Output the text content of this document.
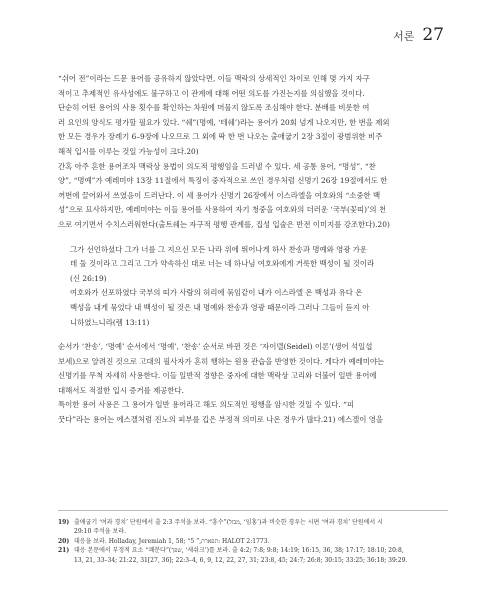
서론 27

“쉬어 전”이라는 드문 용어를 공유하지 않았다면, 이들 맥락의 상세적인 차이로 인해 몇 가지 자구

적이고 추제적인 유사성에도 불구하고 이 관계에 대해 어떤 의도를 가진는지를 의심했을 것이다.

단순히 어떤 용어의 사용 횟수를 확인하는 차원에 머물지 않도록 조심해야 한다. 분배를 비롯한 여

러 요인의 양식도 평가할 필요가 있다. “쉐”(명예, ‘테쉐’)라는 용어가 20회 넘게 나오지만, 한 번을 제외

한 모든 경우가 장례기 6–9장에 나오므로 그 외에 딱 한 번 나오는 출애굽기 2장 3절이 광범위한 비주

해적 입시를 이루는 것일 가능성이 크다.20)

간혹 아주 흔한 용어조차 맥락상 용법이 의도적 평행임을 드러낼 수 있다. 세 공통 용어, “명성”, “찬

양”, “명예”가 예레미야 13장 11절에서 특징이 중자적으로 쓰인 경우처럼 신명기 26장 19절에서도 한

꺼번에 끌어와서 쓰였음이 드러난다. 이 세 용어가 신명기 26장에서 이스라엘을 여호와의 “소중한 백

성”으로 묘사하지만, 예레미야는 이들 용어를 사용하여 자기 청중을 여호와의 더러운 ‘국부(꽃띠)’의 천

으로 여기면서 수치스러워한다(출트쉐는 자구적 평행 관계를, 집성 입술은 반전 이미지를 강조한다).20)

그가 선언하셨다 그가 너를 그 지으신 모든 나라 위에 뛰어나게 하사 찬송과 명예와 영광 가운

데 둘 것이라고 그리고 그가 약속하신 대로 너는 네 하나님 여호와에게 거룩한 백성이 될 것이라

(신 26:19)

여호와가 선포하였다 국부의 띠가 사람의 허리에 묶임같이 내가 이스라엘 온 백성과 유다 온

백성을 내게 묶었다 내 백성이 될 것은 내 명예와 찬송과 영광 때문이라 그러나 그들이 듣지 아

니하였느니라(렘 13:11)

순서가 ‘찬송’, ‘명예’ 순서에서 ‘명예’, ‘찬송’ 순서로 바뀐 것은 ‘자이델(Seidel) 이론’(생어 석일섭

보세)으로 알려진 것으로 고대의 필사자가 흔히 행하는 원용 관습을 반영한 것이다. 게다가 예레미야는

신명기를 무척 자세히 사용한다. 이들 일반적 경향은 중자에 대한 맥락상 고리와 더불어 일반 용어에

대해서도 적절한 입시 증거를 제공한다.

특이한 용어 사용은 그 용어가 일반 용어라고 해도 의도적인 평행을 암시한 것일 수 있다. “피

꿋다”라는 용어는 에스겔처럼 진노의 피부를 깁은 부정적 의미로 나온 경우가 많다.21) 에스겔이 영을

19) 출애굽기 ‘여과 경치’ 단원에서 출 2:3 주석을 보라. “흥수”(מבול, ‘임홍’)과 비슷한 경우는 시편 ‘여과 경치’ 단원에서 시
29:10 주석을 보라.
20) 대응을 보라. Holladay, Jeremiah 1, 58; “תפארת,” 5: HALOT 2:1773.
21) 대응 본문에서 부정적 요소 “쾌분다”(שפך, ‘새쉬크’)를 보라. 출 4:2; 7:8; 9:8; 14:19; 16:15, 36, 38; 17:17; 18:10; 20:8,
13, 21, 33–34; 21:22, 31[27, 36]; 22:3–4, 6, 9, 12, 22, 27, 31; 23:8, 45; 24:7; 26:8; 30:15; 33:25; 36:18; 39:29.
